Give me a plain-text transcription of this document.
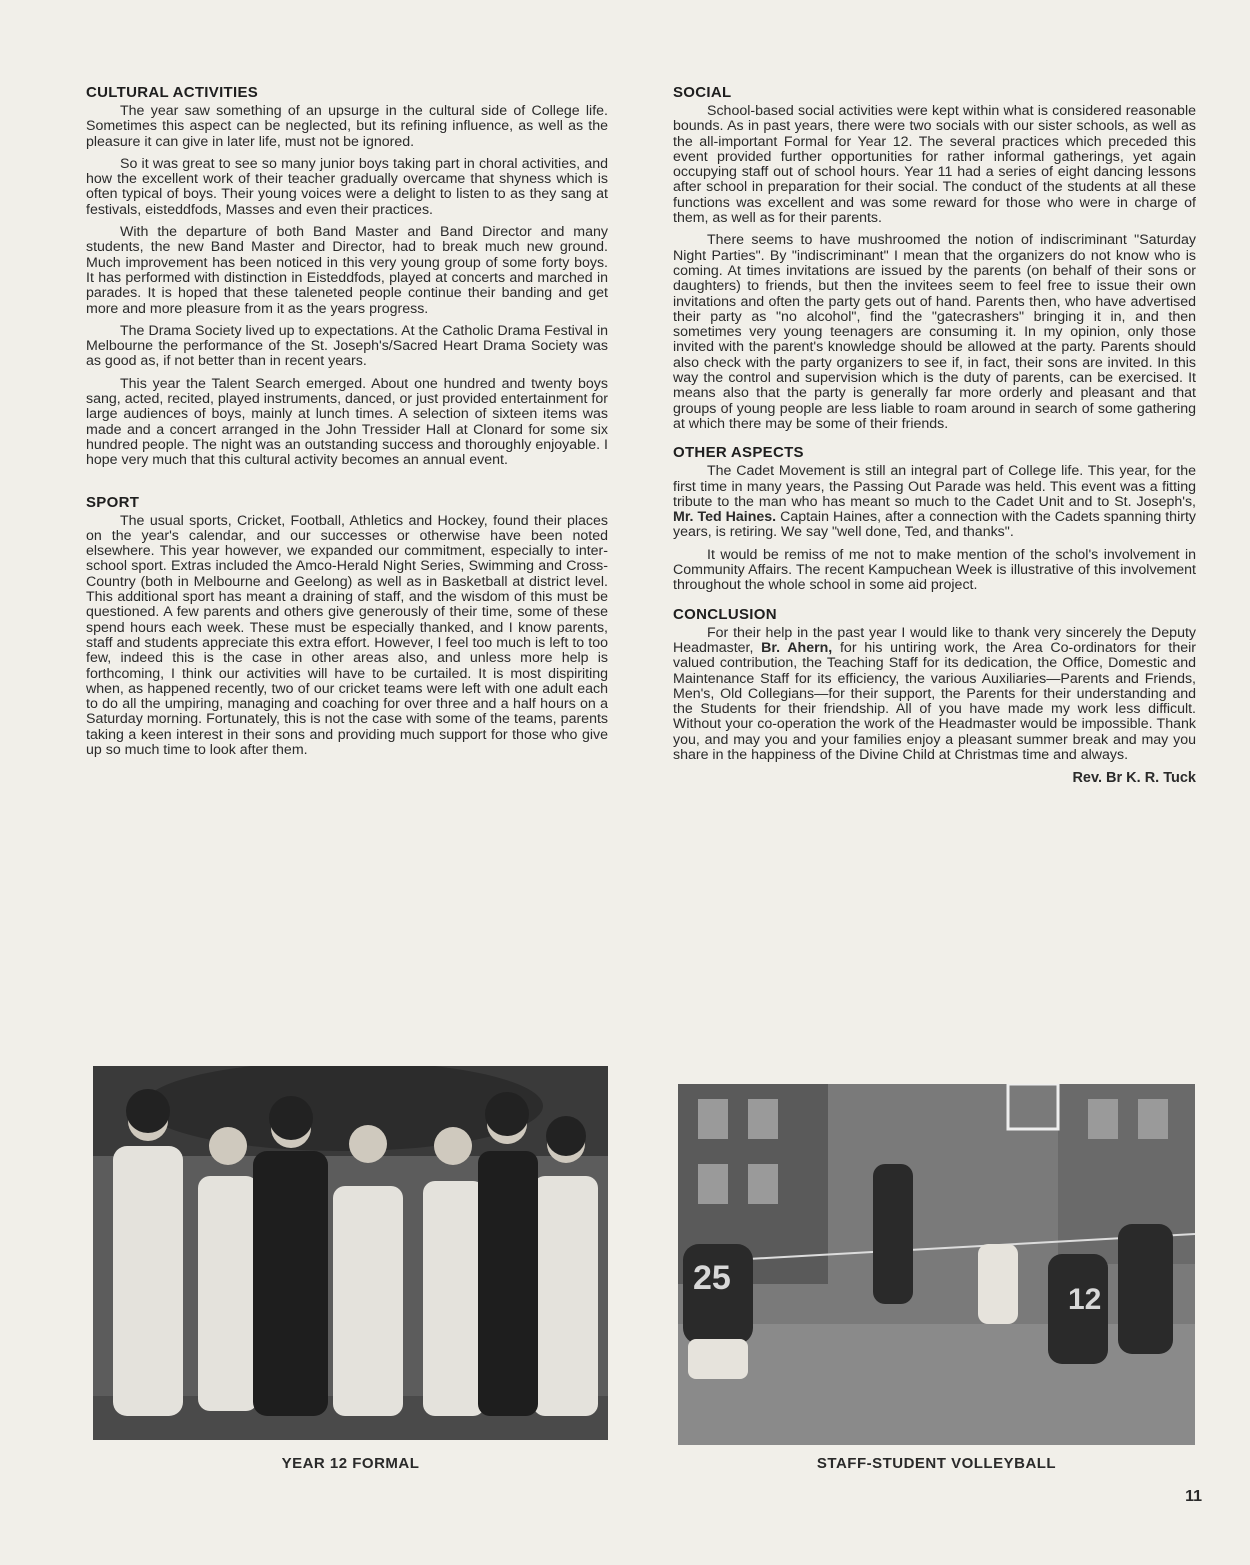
CULTURAL ACTIVITIES

The year saw something of an upsurge in the cultural side of College life. Sometimes this aspect can be neglected, but its refining influence, as well as the pleasure it can give in later life, must not be ignored.

So it was great to see so many junior boys taking part in choral activities, and how the excellent work of their teacher gradually overcame that shyness which is often typical of boys. Their young voices were a delight to listen to as they sang at festivals, eisteddfods, Masses and even their practices.

With the departure of both Band Master and Band Director and many students, the new Band Master and Director, had to break much new ground. Much improvement has been noticed in this very young group of some forty boys. It has performed with distinction in Eisteddfods, played at concerts and marched in parades. It is hoped that these taleneted people continue their banding and get more and more pleasure from it as the years progress.

The Drama Society lived up to expectations. At the Catholic Drama Festival in Melbourne the performance of the St. Joseph's/Sacred Heart Drama Society was as good as, if not better than in recent years.

This year the Talent Search emerged. About one hundred and twenty boys sang, acted, recited, played instruments, danced, or just provided entertainment for large audiences of boys, mainly at lunch times. A selection of sixteen items was made and a concert arranged in the John Tressider Hall at Clonard for some six hundred people. The night was an outstanding success and thoroughly enjoyable. I hope very much that this cultural activity becomes an annual event.

SPORT

The usual sports, Cricket, Football, Athletics and Hockey, found their places on the year's calendar, and our successes or otherwise have been noted elsewhere. This year however, we expanded our commitment, especially to inter-school sport. Extras included the Amco-Herald Night Series, Swimming and Cross-Country (both in Melbourne and Geelong) as well as in Basketball at district level. This additional sport has meant a draining of staff, and the wisdom of this must be questioned. A few parents and others give generously of their time, some of these spend hours each week. These must be especially thanked, and I know parents, staff and students appreciate this extra effort. However, I feel too much is left to too few, indeed this is the case in other areas also, and unless more help is forthcoming, I think our activities will have to be curtailed. It is most dispiriting when, as happened recently, two of our cricket teams were left with one adult each to do all the umpiring, managing and coaching for over three and a half hours on a Saturday morning. Fortunately, this is not the case with some of the teams, parents taking a keen interest in their sons and providing much support for those who give up so much time to look after them.

SOCIAL

School-based social activities were kept within what is considered reasonable bounds. As in past years, there were two socials with our sister schools, as well as the all-important Formal for Year 12. The several practices which preceded this event provided further opportunities for rather informal gatherings, yet again occupying staff out of school hours. Year 11 had a series of eight dancing lessons after school in preparation for their social. The conduct of the students at all these functions was excellent and was some reward for those who were in charge of them, as well as for their parents.

There seems to have mushroomed the notion of indiscriminant "Saturday Night Parties". By "indiscriminant" I mean that the organizers do not know who is coming. At times invitations are issued by the parents (on behalf of their sons or daughters) to friends, but then the invitees seem to feel free to issue their own invitations and often the party gets out of hand. Parents then, who have advertised their party as "no alcohol", find the "gatecrashers" bringing it in, and then sometimes very young teenagers are consuming it. In my opinion, only those invited with the parent's knowledge should be allowed at the party. Parents should also check with the party organizers to see if, in fact, their sons are invited. In this way the control and supervision which is the duty of parents, can be exercised. It means also that the party is generally far more orderly and pleasant and that groups of young people are less liable to roam around in search of some gathering at which there may be some of their friends.

OTHER ASPECTS

The Cadet Movement is still an integral part of College life. This year, for the first time in many years, the Passing Out Parade was held. This event was a fitting tribute to the man who has meant so much to the Cadet Unit and to St. Joseph's, Mr. Ted Haines. Captain Haines, after a connection with the Cadets spanning thirty years, is retiring. We say "well done, Ted, and thanks".

It would be remiss of me not to make mention of the schol's involvement in Community Affairs. The recent Kampuchean Week is illustrative of this involvement throughout the whole school in some aid project.

CONCLUSION

For their help in the past year I would like to thank very sincerely the Deputy Headmaster, Br. Ahern, for his untiring work, the Area Co-ordinators for their valued contribution, the Teaching Staff for its dedication, the Office, Domestic and Maintenance Staff for its efficiency, the various Auxiliaries—Parents and Friends, Men's, Old Collegians—for their support, the Parents for their understanding and the Students for their friendship. All of you have made my work less difficult. Without your co-operation the work of the Headmaster would be impossible. Thank you, and may you and your families enjoy a pleasant summer break and may you share in the happiness of the Divine Child at Christmas time and always.

Rev. Br K. R. Tuck
YEAR 12 FORMAL
25
12
STAFF-STUDENT VOLLEYBALL
11
